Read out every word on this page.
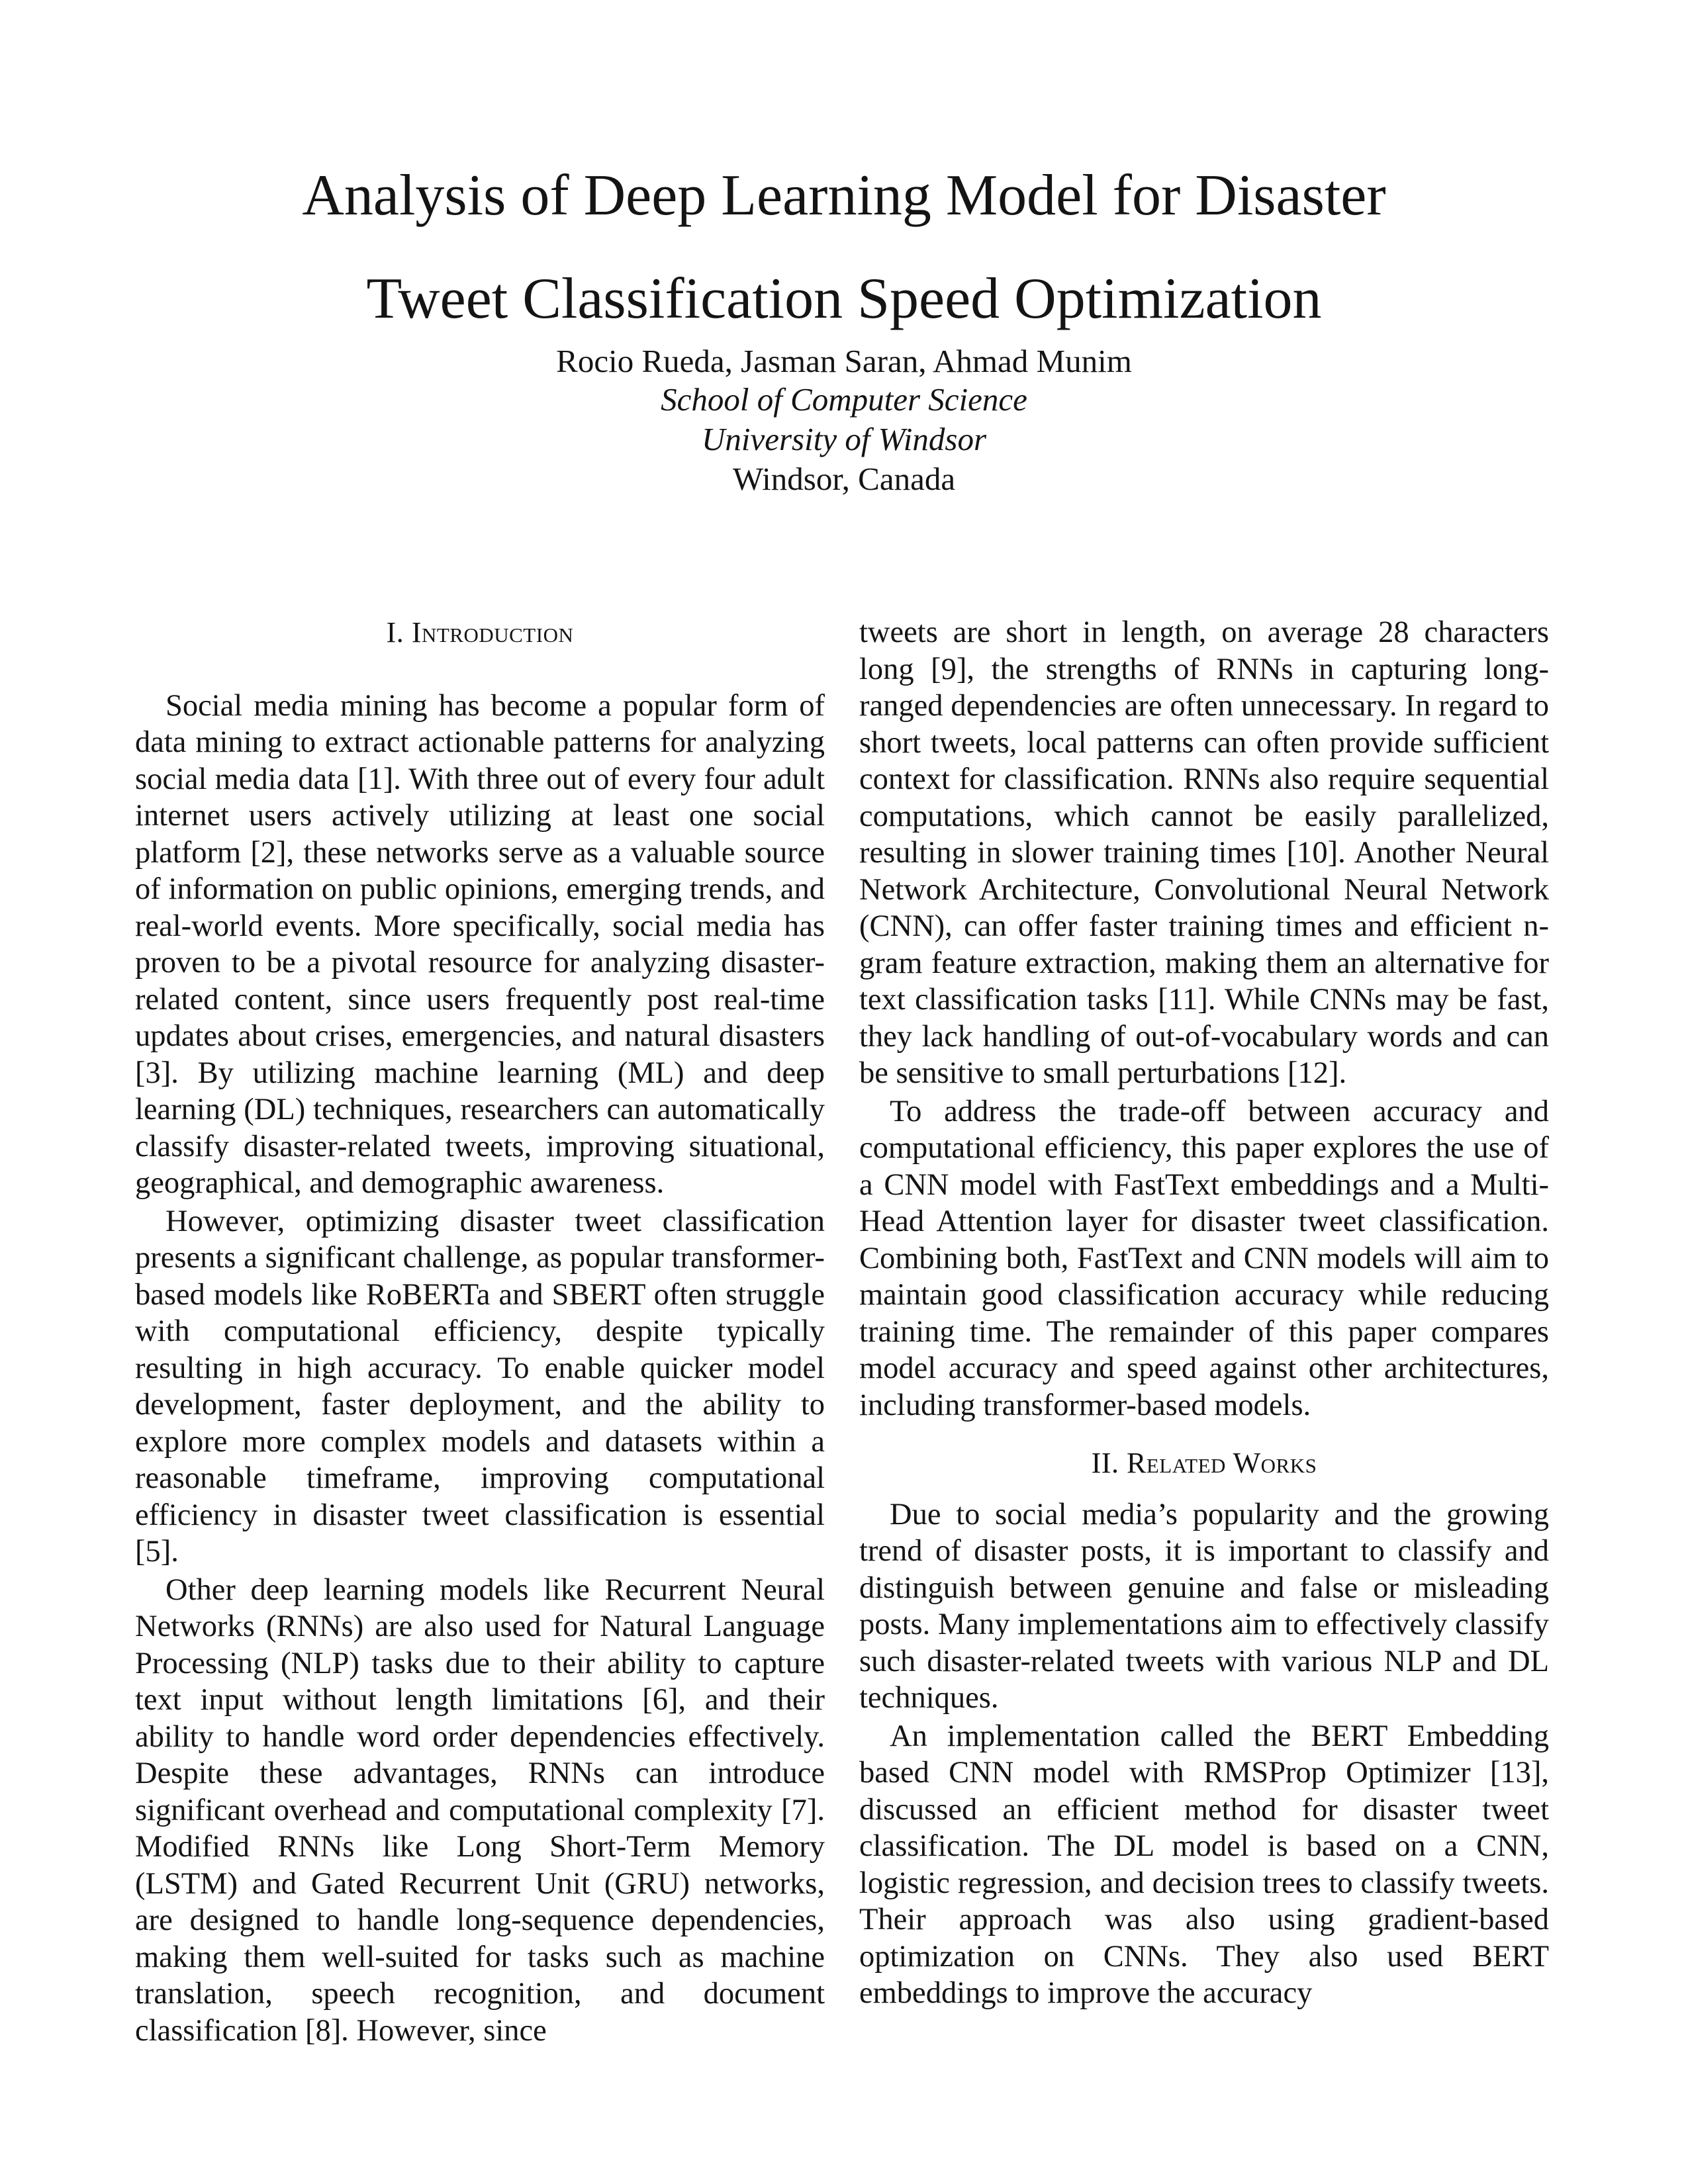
Analysis of Deep Learning Model for Disaster
Tweet Classification Speed Optimization
Rocio Rueda, Jasman Saran, Ahmad Munim
School of Computer Science
University of Windsor
Windsor, Canada
I. Introduction

Social media mining has become a popular form of data mining to extract actionable patterns for analyzing social media data [1]. With three out of every four adult internet users actively utilizing at least one social platform [2], these networks serve as a valuable source of information on public opinions, emerging trends, and real-world events. More specifically, social media has proven to be a pivotal resource for analyzing disaster-related content, since users frequently post real-time updates about crises, emergencies, and natural disasters [3]. By utilizing machine learning (ML) and deep learning (DL) techniques, researchers can automatically classify disaster-related tweets, improving situational, geographical, and demographic awareness.

However, optimizing disaster tweet classification presents a significant challenge, as popular transformer-based models like RoBERTa and SBERT often struggle with computational efficiency, despite typically resulting in high accuracy. To enable quicker model development, faster deployment, and the ability to explore more complex models and datasets within a reasonable timeframe, improving computational efficiency in disaster tweet classification is essential [5].

Other deep learning models like Recurrent Neural Networks (RNNs) are also used for Natural Language Processing (NLP) tasks due to their ability to capture text input without length limitations [6], and their ability to handle word order dependencies effectively. Despite these advantages, RNNs can introduce significant overhead and computational complexity [7]. Modified RNNs like Long Short-Term Memory (LSTM) and Gated Recurrent Unit (GRU) networks, are designed to handle long-sequence dependencies, making them well-suited for tasks such as machine translation, speech recognition, and document classification [8]. However, since

tweets are short in length, on average 28 characters long [9], the strengths of RNNs in capturing long-ranged dependencies are often unnecessary. In regard to short tweets, local patterns can often provide sufficient context for classification. RNNs also require sequential computations, which cannot be easily parallelized, resulting in slower training times [10]. Another Neural Network Architecture, Convolutional Neural Network (CNN), can offer faster training times and efficient n-gram feature extraction, making them an alternative for text classification tasks [11]. While CNNs may be fast, they lack handling of out-of-vocabulary words and can be sensitive to small perturbations [12].

To address the trade-off between accuracy and computational efficiency, this paper explores the use of a CNN model with FastText embeddings and a Multi-Head Attention layer for disaster tweet classification. Combining both, FastText and CNN models will aim to maintain good classification accuracy while reducing training time. The remainder of this paper compares model accuracy and speed against other architectures, including transformer-based models.

II. Related Works

Due to social media’s popularity and the growing trend of disaster posts, it is important to classify and distinguish between genuine and false or misleading posts. Many implementations aim to effectively classify such disaster-related tweets with various NLP and DL techniques.

An implementation called the BERT Embedding based CNN model with RMSProp Optimizer [13], discussed an efficient method for disaster tweet classification. The DL model is based on a CNN, logistic regression, and decision trees to classify tweets. Their approach was also using gradient-based optimization on CNNs. They also used BERT embeddings to improve the accuracy
